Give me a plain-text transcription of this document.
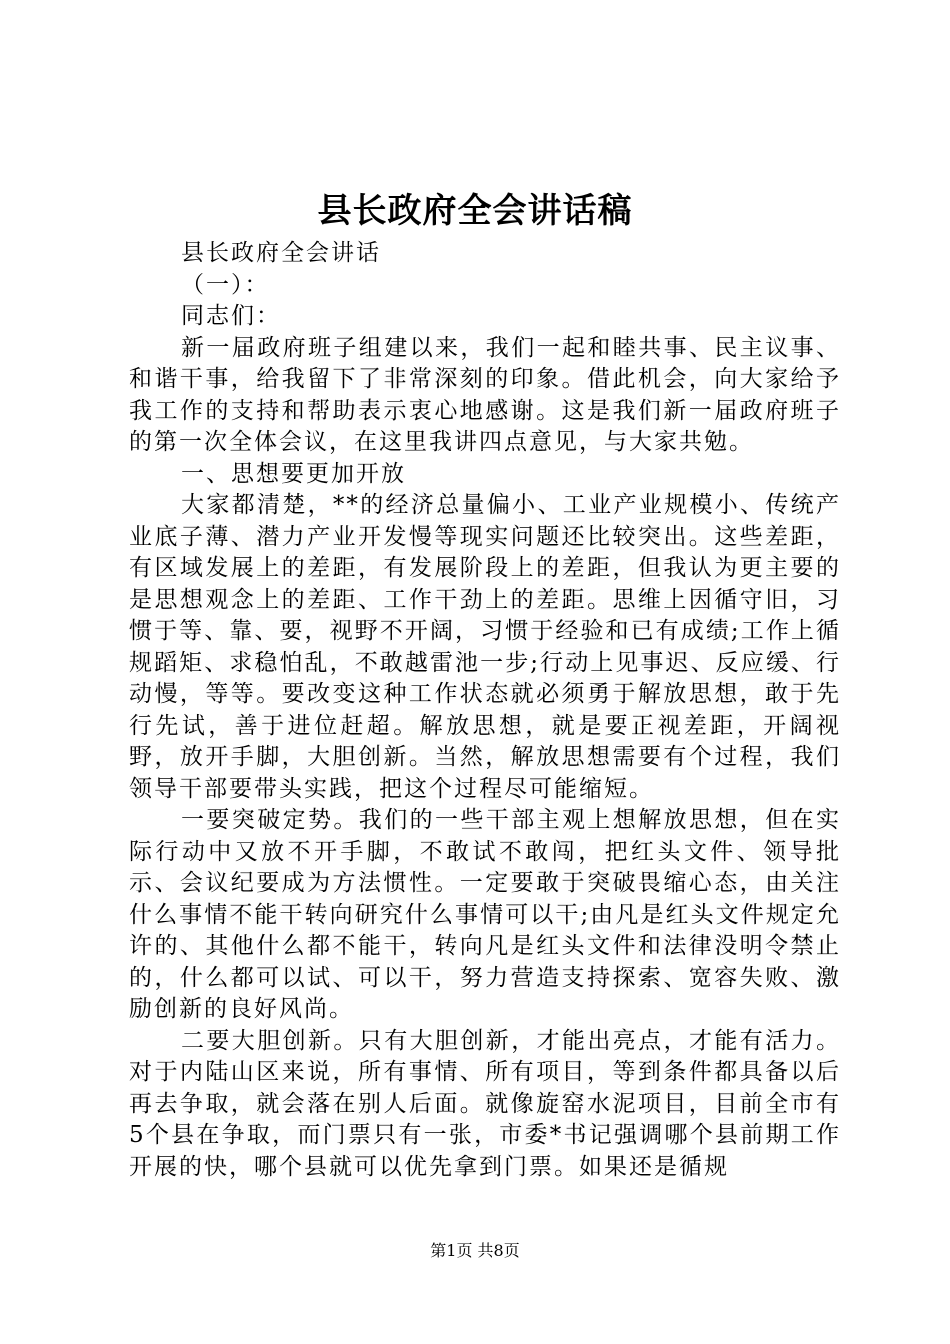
县长政府全会讲话稿

县长政府全会讲话

（一）：

同志们：

新一届政府班子组建以来，我们一起和睦共事、民主议事、和谐干事，给我留下了非常深刻的印象。借此机会，向大家给予我工作的支持和帮助表示衷心地感谢。这是我们新一届政府班子的第一次全体会议，在这里我讲四点意见，与大家共勉。

一、思想要更加开放

大家都清楚，**的经济总量偏小、工业产业规模小、传统产业底子薄、潜力产业开发慢等现实问题还比较突出。这些差距，有区域发展上的差距，有发展阶段上的差距，但我认为更主要的是思想观念上的差距、工作干劲上的差距。思维上因循守旧，习惯于等、靠、要，视野不开阔，习惯于经验和已有成绩;工作上循规蹈矩、求稳怕乱，不敢越雷池一步;行动上见事迟、反应缓、行动慢，等等。要改变这种工作状态就必须勇于解放思想，敢于先行先试，善于进位赶超。解放思想，就是要正视差距，开阔视野，放开手脚，大胆创新。当然，解放思想需要有个过程，我们领导干部要带头实践，把这个过程尽可能缩短。

一要突破定势。我们的一些干部主观上想解放思想，但在实际行动中又放不开手脚，不敢试不敢闯，把红头文件、领导批示、会议纪要成为方法惯性。一定要敢于突破畏缩心态，由关注什么事情不能干转向研究什么事情可以干;由凡是红头文件规定允许的、其他什么都不能干，转向凡是红头文件和法律没明令禁止的，什么都可以试、可以干，努力营造支持探索、宽容失败、激励创新的良好风尚。

二要大胆创新。只有大胆创新，才能出亮点，才能有活力。对于内陆山区来说，所有事情、所有项目，等到条件都具备以后再去争取，就会落在别人后面。就像旋窑水泥项目，目前全市有5个县在争取，而门票只有一张，市委*书记强调哪个县前期工作开展的快，哪个县就可以优先拿到门票。如果还是循规

第1页 共8页
